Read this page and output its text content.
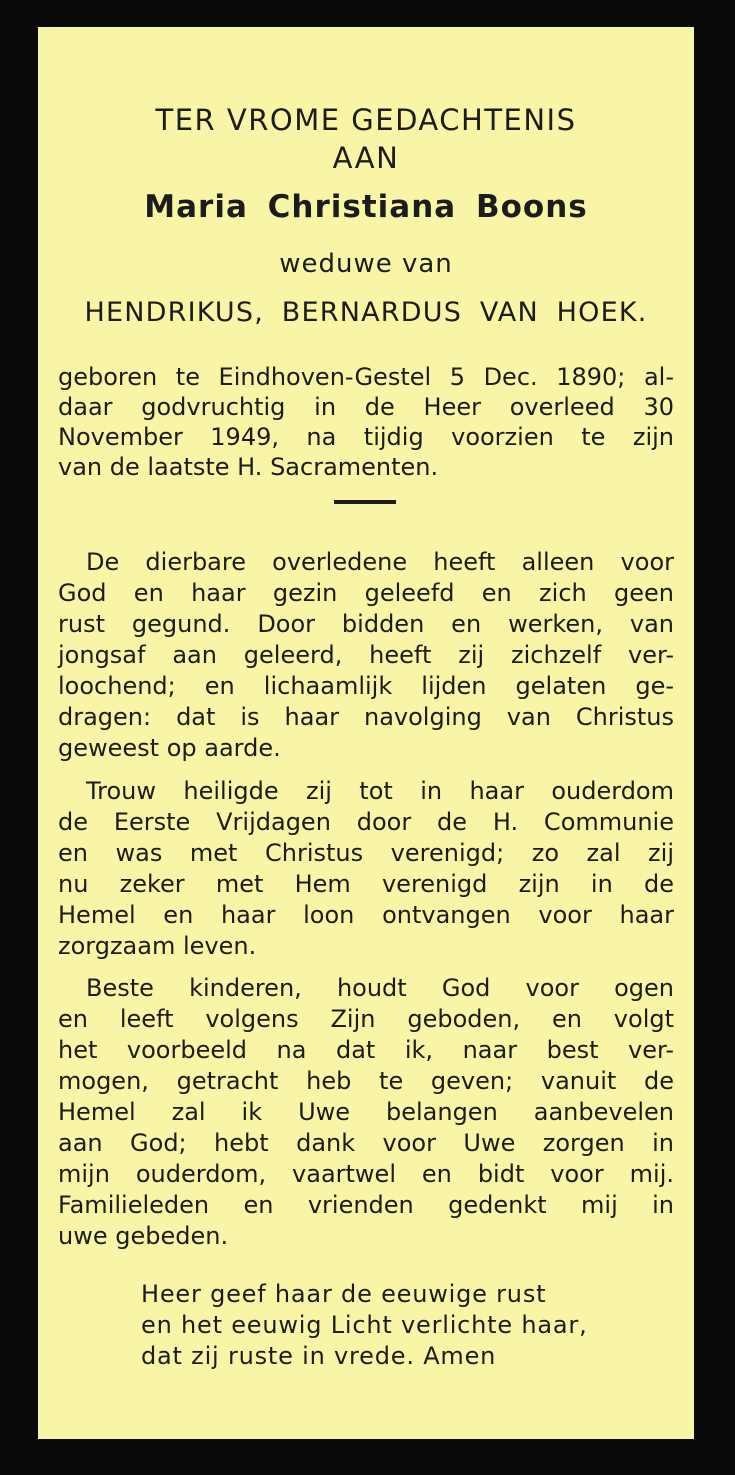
TER VROME GEDACHTENIS
AAN
Maria Christiana Boons
weduwe van
HENDRIKUS, BERNARDUS VAN HOEK.
geboren te Eindhoven-Gestel 5 Dec. 1890; al-
daar godvruchtig in de Heer overleed 30
November 1949, na tijdig voorzien te zijn
van de laatste H. Sacramenten.
De dierbare overledene heeft alleen voor
God en haar gezin geleefd en zich geen
rust gegund. Door bidden en werken, van
jongsaf aan geleerd, heeft zij zichzelf ver-
loochend; en lichaamlijk lijden gelaten ge-
dragen: dat is haar navolging van Christus
geweest op aarde.
Trouw heiligde zij tot in haar ouderdom
de Eerste Vrijdagen door de H. Communie
en was met Christus verenigd; zo zal zij
nu zeker met Hem verenigd zijn in de
Hemel en haar loon ontvangen voor haar
zorgzaam leven.
Beste kinderen, houdt God voor ogen
en leeft volgens Zijn geboden, en volgt
het voorbeeld na dat ik, naar best ver-
mogen, getracht heb te geven; vanuit de
Hemel zal ik Uwe belangen aanbevelen
aan God; hebt dank voor Uwe zorgen in
mijn ouderdom, vaartwel en bidt voor mij.
Familieleden en vrienden gedenkt mij in
uwe gebeden.
Heer geef haar de eeuwige rust
en het eeuwig Licht verlichte haar,
dat zij ruste in vrede. Amen
